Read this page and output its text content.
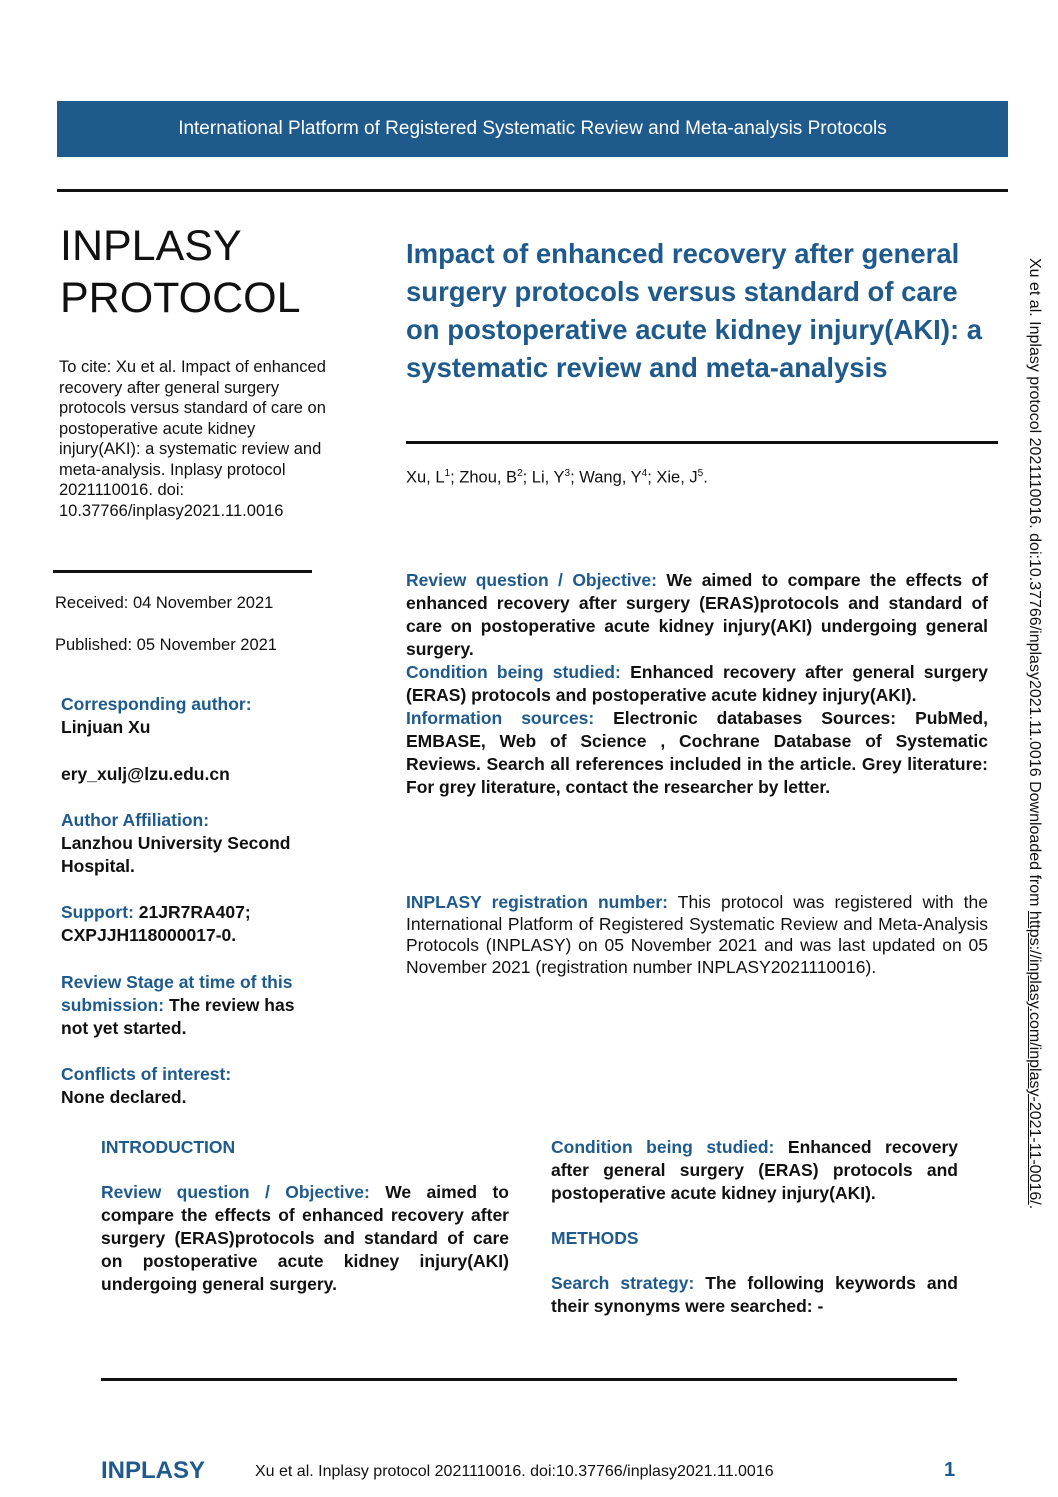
International Platform of Registered Systematic Review and Meta-analysis Protocols
INPLASY
PROTOCOL
To cite: Xu et al. Impact of enhanced recovery after general surgery protocols versus standard of care on postoperative acute kidney injury(AKI): a systematic review and meta-analysis. Inplasy protocol 2021110016. doi: 10.37766/inplasy2021.11.0016
Received: 04 November 2021
Published: 05 November 2021
Corresponding author:
Linjuan Xu
ery_xulj@lzu.edu.cn
Author Affiliation:
Lanzhou University Second Hospital.
Support: 21JR7RA407; CXPJJH118000017-0.
Review Stage at time of this submission: The review has not yet started.
Conflicts of interest:
None declared.
Impact of enhanced recovery after general surgery protocols versus standard of care on postoperative acute kidney injury(AKI): a systematic review and meta-analysis
Xu, $L^1$; Zhou, $B^2$; Li, $Y^3$; Wang, $Y^4$; Xie, $J^5$.

Review question / Objective: We aimed to compare the effects of enhanced recovery after surgery (ERAS)protocols and standard of care on postoperative acute kidney injury(AKI) undergoing general surgery.

Condition being studied: Enhanced recovery after general surgery (ERAS) protocols and postoperative acute kidney injury(AKI).

Information sources: Electronic databases Sources: PubMed, EMBASE, Web of Science , Cochrane Database of Systematic Reviews. Search all references included in the article. Grey literature: For grey literature, contact the researcher by letter.

INPLASY registration number: This protocol was registered with the International Platform of Registered Systematic Review and Meta-Analysis Protocols (INPLASY) on 05 November 2021 and was last updated on 05 November 2021 (registration number INPLASY2021110016).

INTRODUCTION

Review question / Objective: We aimed to compare the effects of enhanced recovery after surgery (ERAS)protocols and standard of care on postoperative acute kidney injury(AKI) undergoing general surgery.

Condition being studied: Enhanced recovery after general surgery (ERAS) protocols and postoperative acute kidney injury(AKI).

METHODS

Search strategy: The following keywords and their synonyms were searched: -

INPLASY	Xu et al. Inplasy protocol 2021110016. doi:10.37766/inplasy2021.11.0016	1
Xu et al. Inplasy protocol 2021110016. doi:10.37766/inplasy2021.11.0016 Downloaded from https://inplasy.com/inplasy-2021-11-0016/.
